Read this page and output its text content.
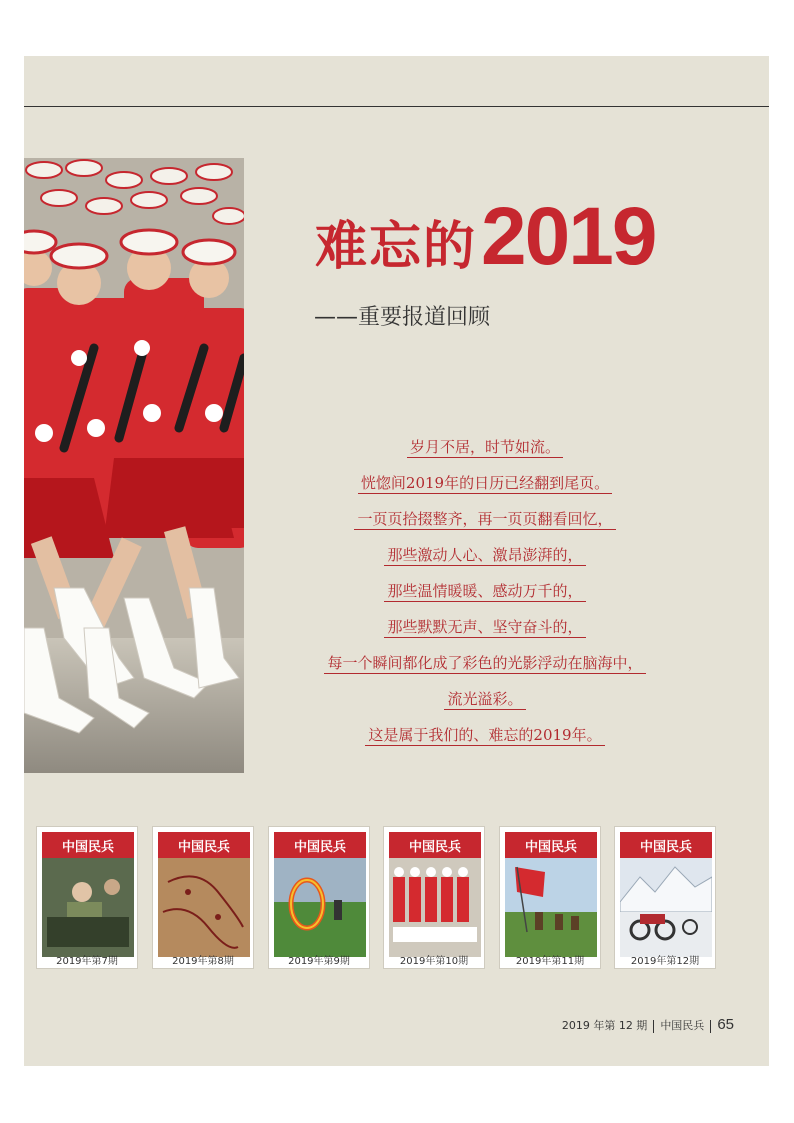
难忘的2019
——重要报道回顾
岁月不居，时节如流。
恍惚间2019年的日历已经翻到尾页。
一页页拾掇整齐，再一页页翻看回忆，
那些激动人心、激昂澎湃的，
那些温情暖暖、感动万千的，
那些默默无声、坚守奋斗的，
每一个瞬间都化成了彩色的光影浮动在脑海中，
流光溢彩。
这是属于我们的、难忘的2019年。
中国民兵
2019年第7期
中国民兵
2019年第8期
中国民兵
2019年第9期
中国民兵
2019年第10期
中国民兵
2019年第11期
中国民兵
2019年第12期
2019 年第 12 期 中国民兵 65
